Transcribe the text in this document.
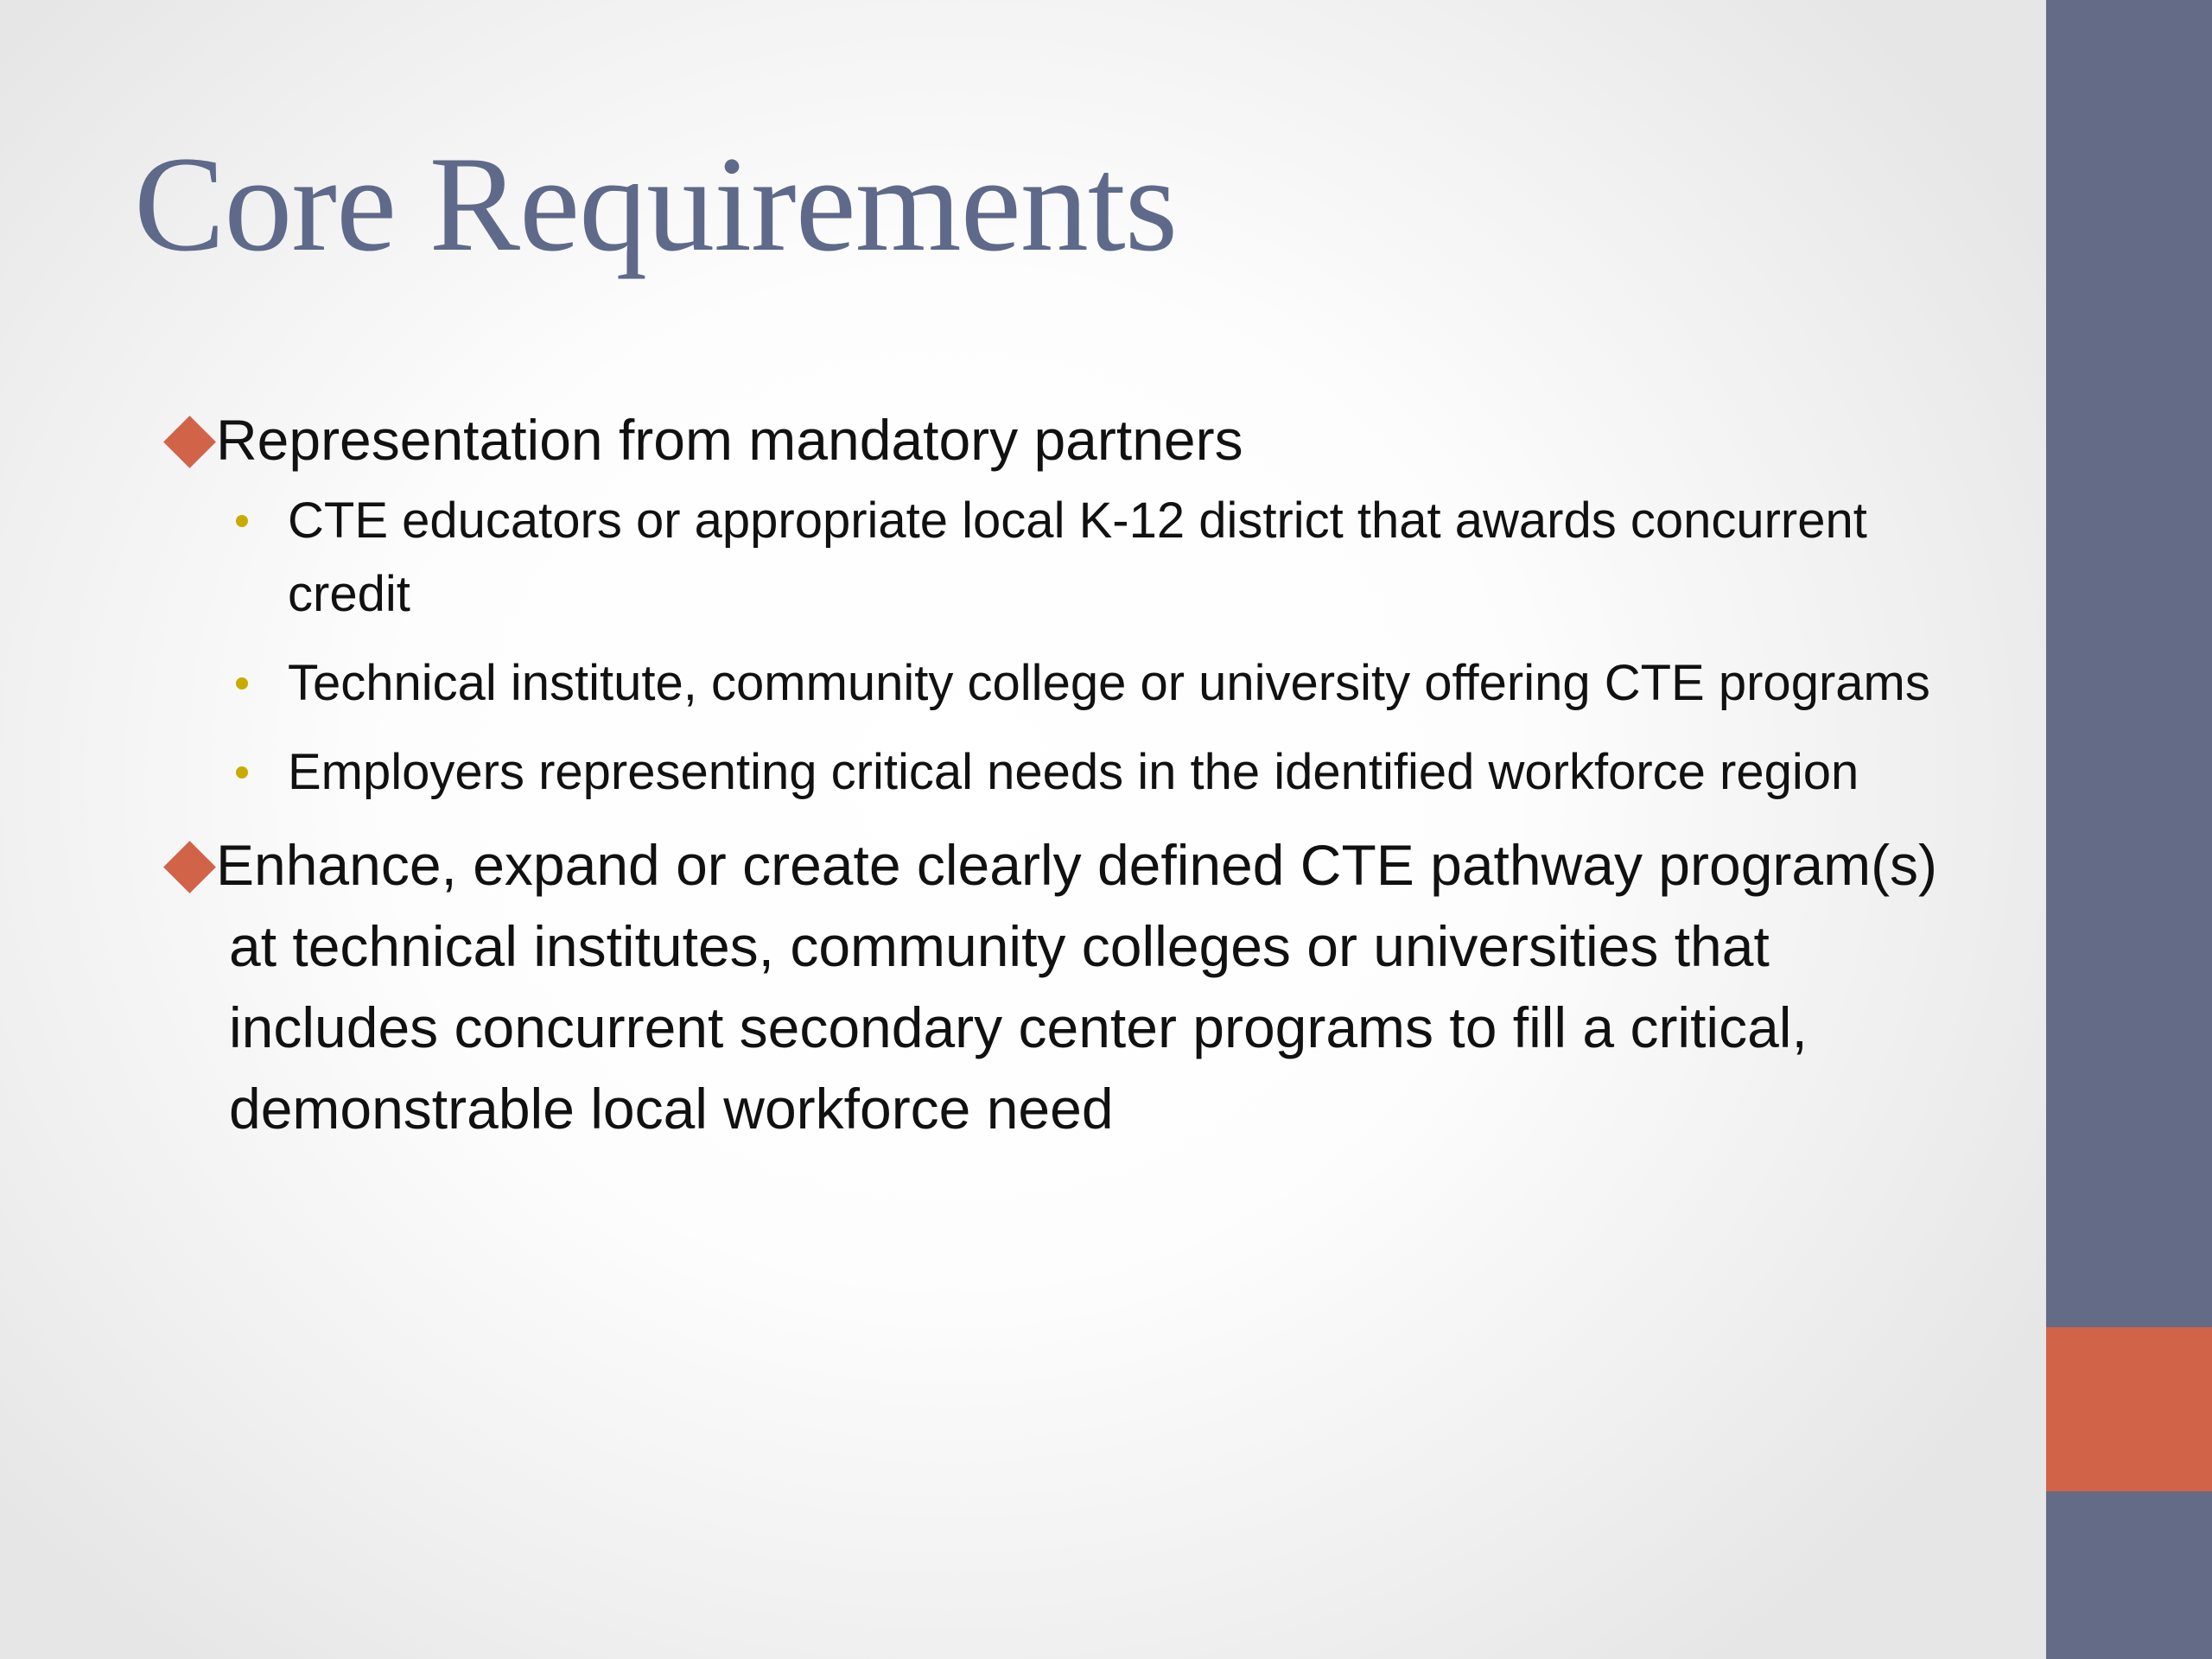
Core Requirements
Representation from mandatory partners
CTE educators or appropriate local K-12 district that awards concurrent credit
Technical institute, community college or university offering CTE programs
Employers representing critical needs in the identified workforce region
Enhance, expand or create clearly defined CTE pathway program(s) at technical institutes, community colleges or universities that includes concurrent secondary center programs to fill a critical, demonstrable local workforce need
